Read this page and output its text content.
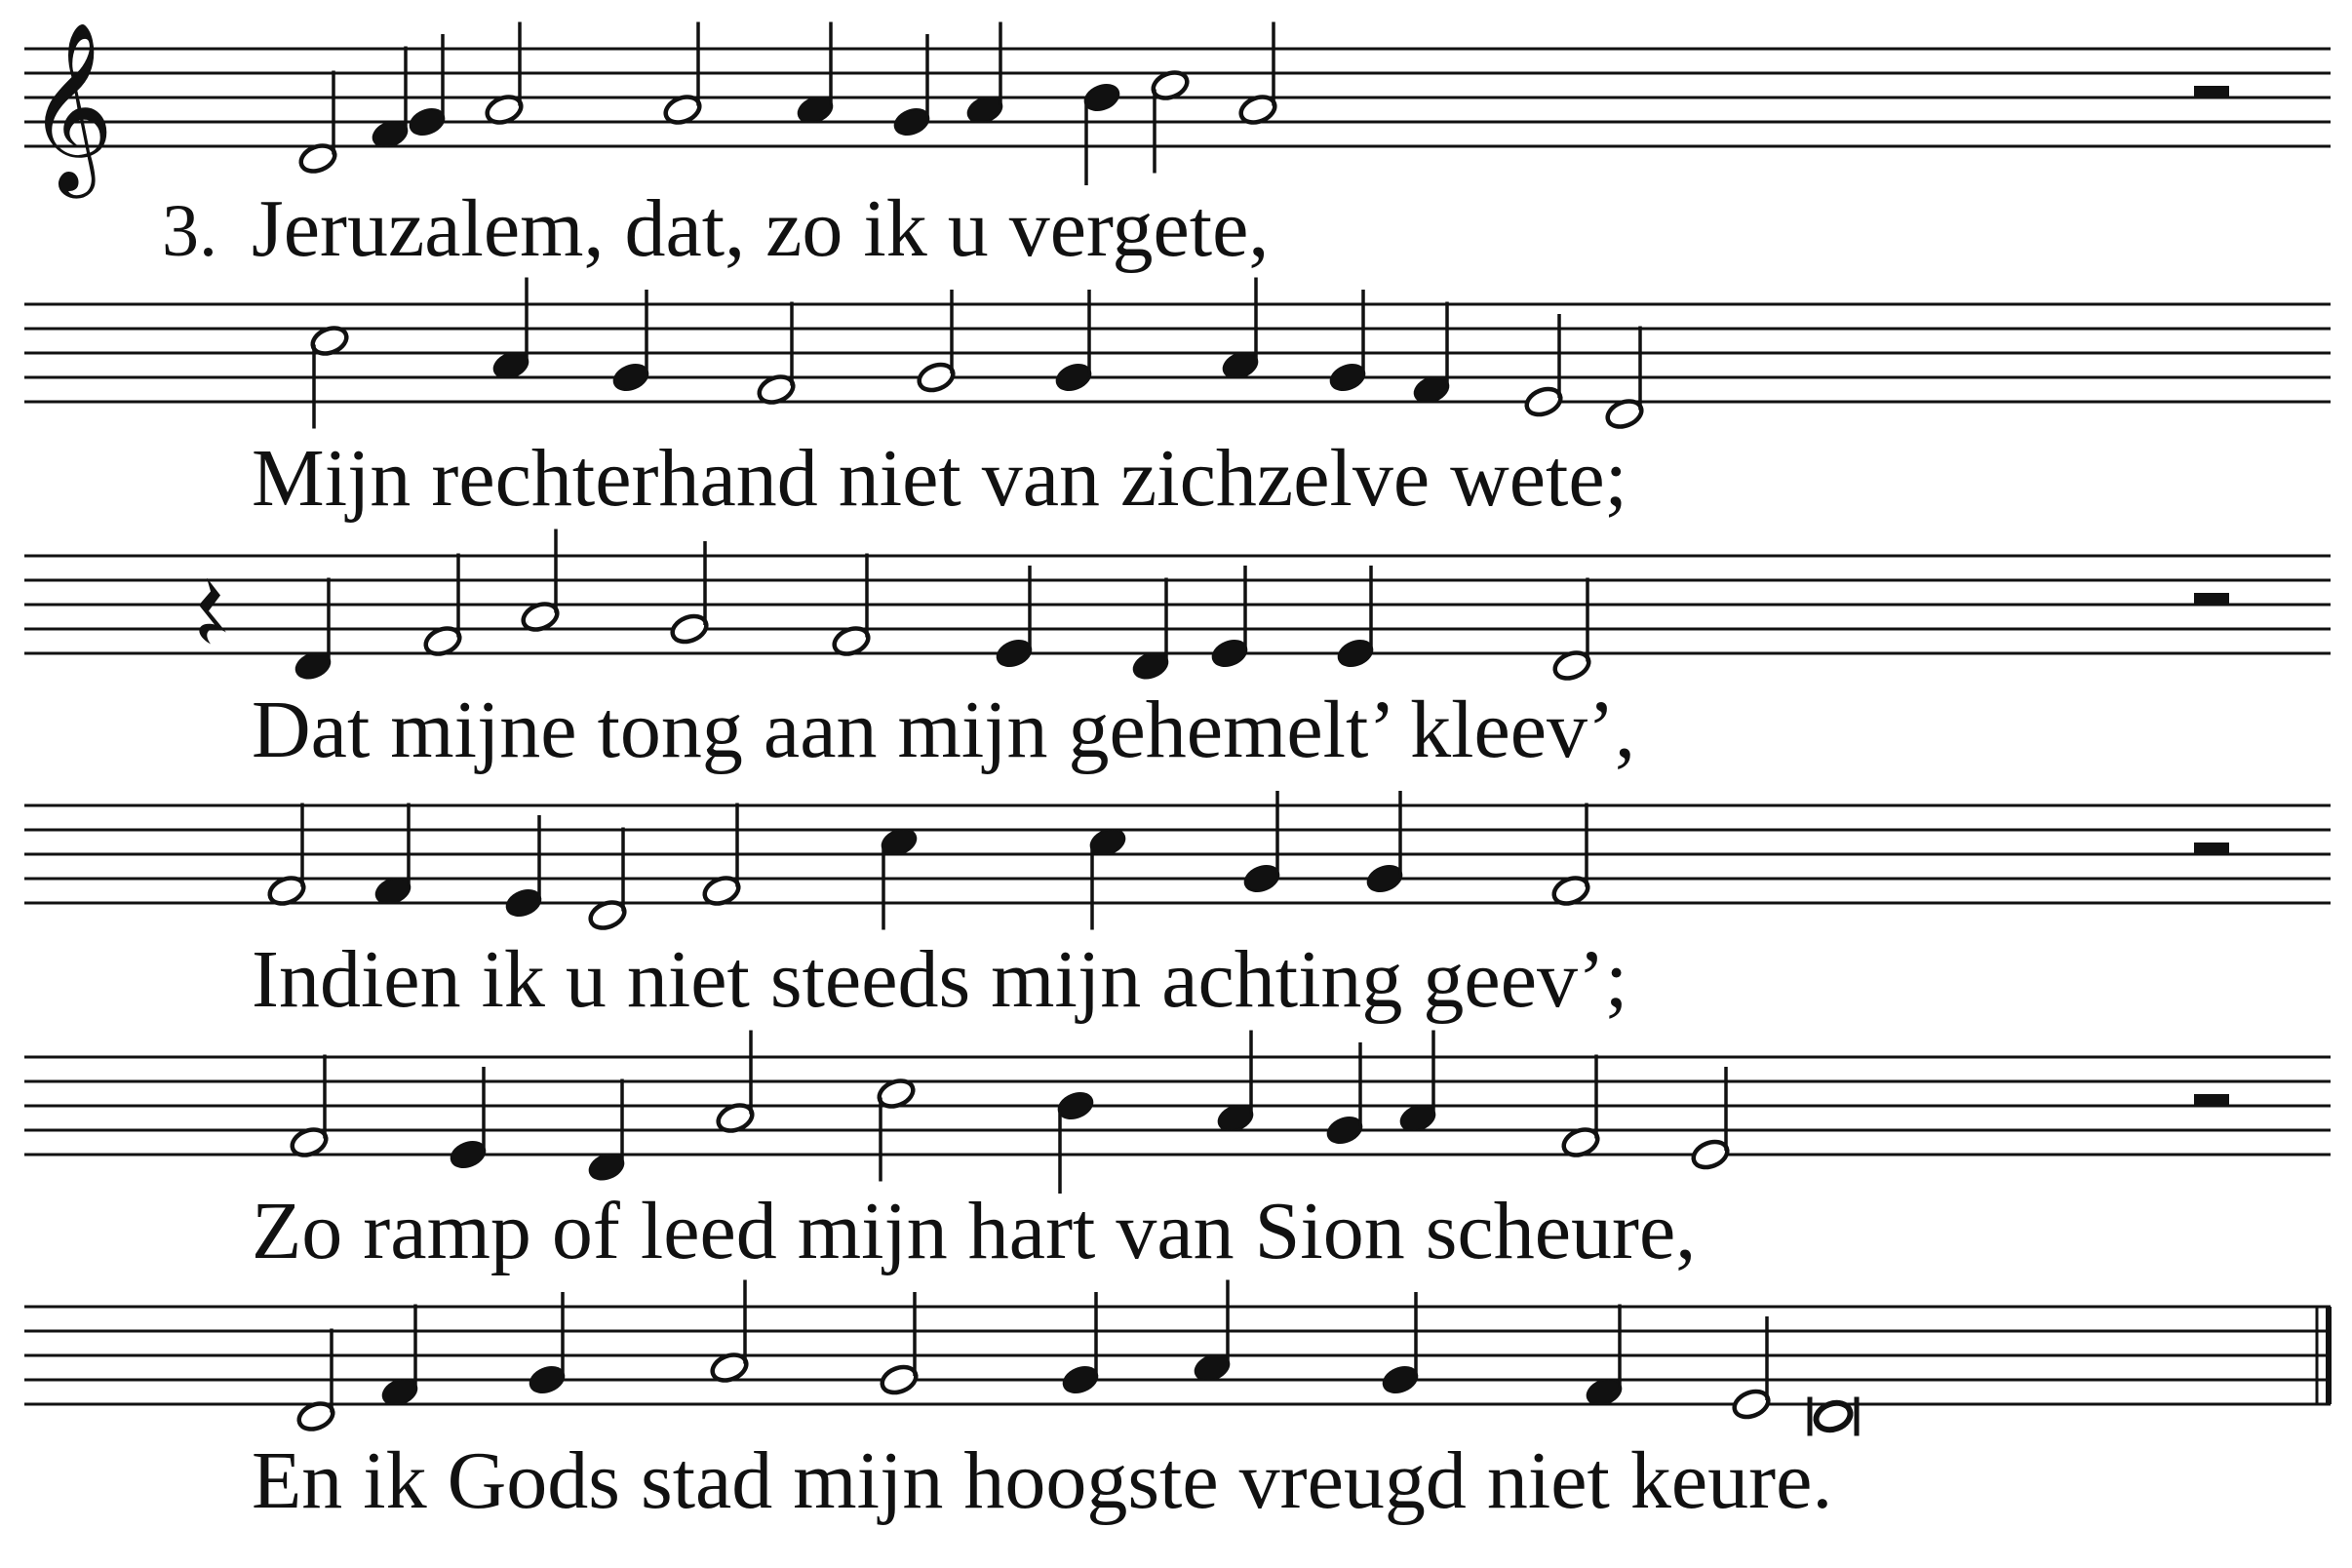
𝄞
3. Jeruzalem, dat, zo ik u vergete,
Mijn rechterhand niet van zichzelve wete;
Dat mijne tong aan mijn gehemelt’ kleev’,
Indien ik u niet steeds mijn achting geev’;
Zo ramp of leed mijn hart van Sion scheure,
En ik Gods stad mijn hoogste vreugd niet keure.
